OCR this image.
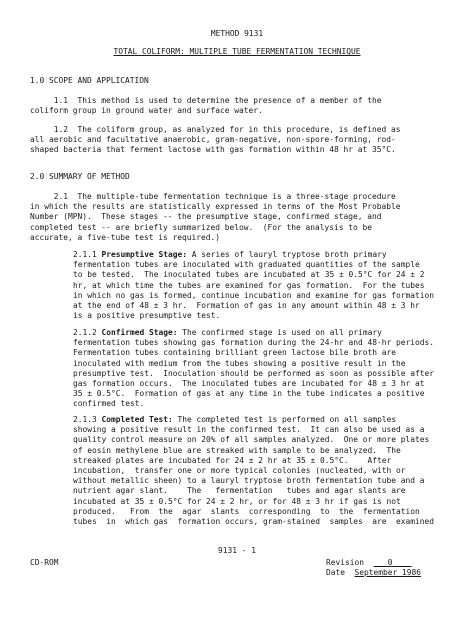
METHOD 9131
TOTAL COLIFORM: MULTIPLE TUBE FERMENTATION TECHNIQUE
1.0 SCOPE AND APPLICATION
1.1  This method is used to determine the presence of a member of the
coliform group in ground water and surface water.
1.2  The coliform group, as analyzed for in this procedure, is defined as
all aerobic and facultative anaerobic, gram-negative, non-spore-forming, rod-
shaped bacteria that ferment lactose with gas formation within 48 hr at 35°C.
2.0 SUMMARY OF METHOD
2.1  The multiple-tube fermentation technique is a three-stage procedure
in which the results are statistically expressed in terms of the Most Probable
Number (MPN).  These stages -- the presumptive stage, confirmed stage, and
completed test -- are briefly summarized below.  (For the analysis to be
accurate, a five-tube test is required.)
2.1.1 Presumptive Stage: A series of lauryl tryptose broth primary
fermentation tubes are inoculated with graduated quantities of the sample
to be tested.  The inoculated tubes are incubated at 35 ± 0.5°C for 24 ± 2
hr, at which time the tubes are examined for gas formation.  For the tubes
in which no gas is formed, continue incubation and examine for gas formation
at the end of 48 ± 3 hr.  Formation of gas in any amount within 48 ± 3 hr
is a positive presumptive test.
2.1.2 Confirmed Stage: The confirmed stage is used on all primary
fermentation tubes showing gas formation during the 24-hr and 48-hr periods.
Fermentation tubes containing brilliant green lactose bile broth are
inoculated with medium from the tubes showing a positive result in the
presumptive test.  Inoculation should be performed as soon as possible after
gas formation occurs.  The inoculated tubes are incubated for 48 ± 3 hr at
35 ± 0.5°C.  Formation of gas at any time in the tube indicates a positive
confirmed test.
2.1.3 Completed Test: The completed test is performed on all samples
showing a positive result in the confirmed test.  It can also be used as a
quality control measure on 20% of all samples analyzed.  One or more plates
of eosin methylene blue are streaked with sample to be analyzed.  The
streaked plates are incubated for 24 ± 2 hr at 35 ± 0.5°C.    After
incubation,  transfer one or more typical colonies (nucleated, with or
without metallic sheen) to a lauryl tryptose broth fermentation tube and a
nutrient agar slant.    The   fermentation   tubes and agar slants are
incubated at 35 ± 0.5°C for 24 ± 2 hr, or for 48 ± 3 hr if gas is not
produced.   From  the  agar  slants  corresponding  to  the  fermentation
tubes  in  which gas  formation occurs, gram-stained  samples  are  examined
9131 - 1
CD-ROM	Revision	0
Date September 1986
